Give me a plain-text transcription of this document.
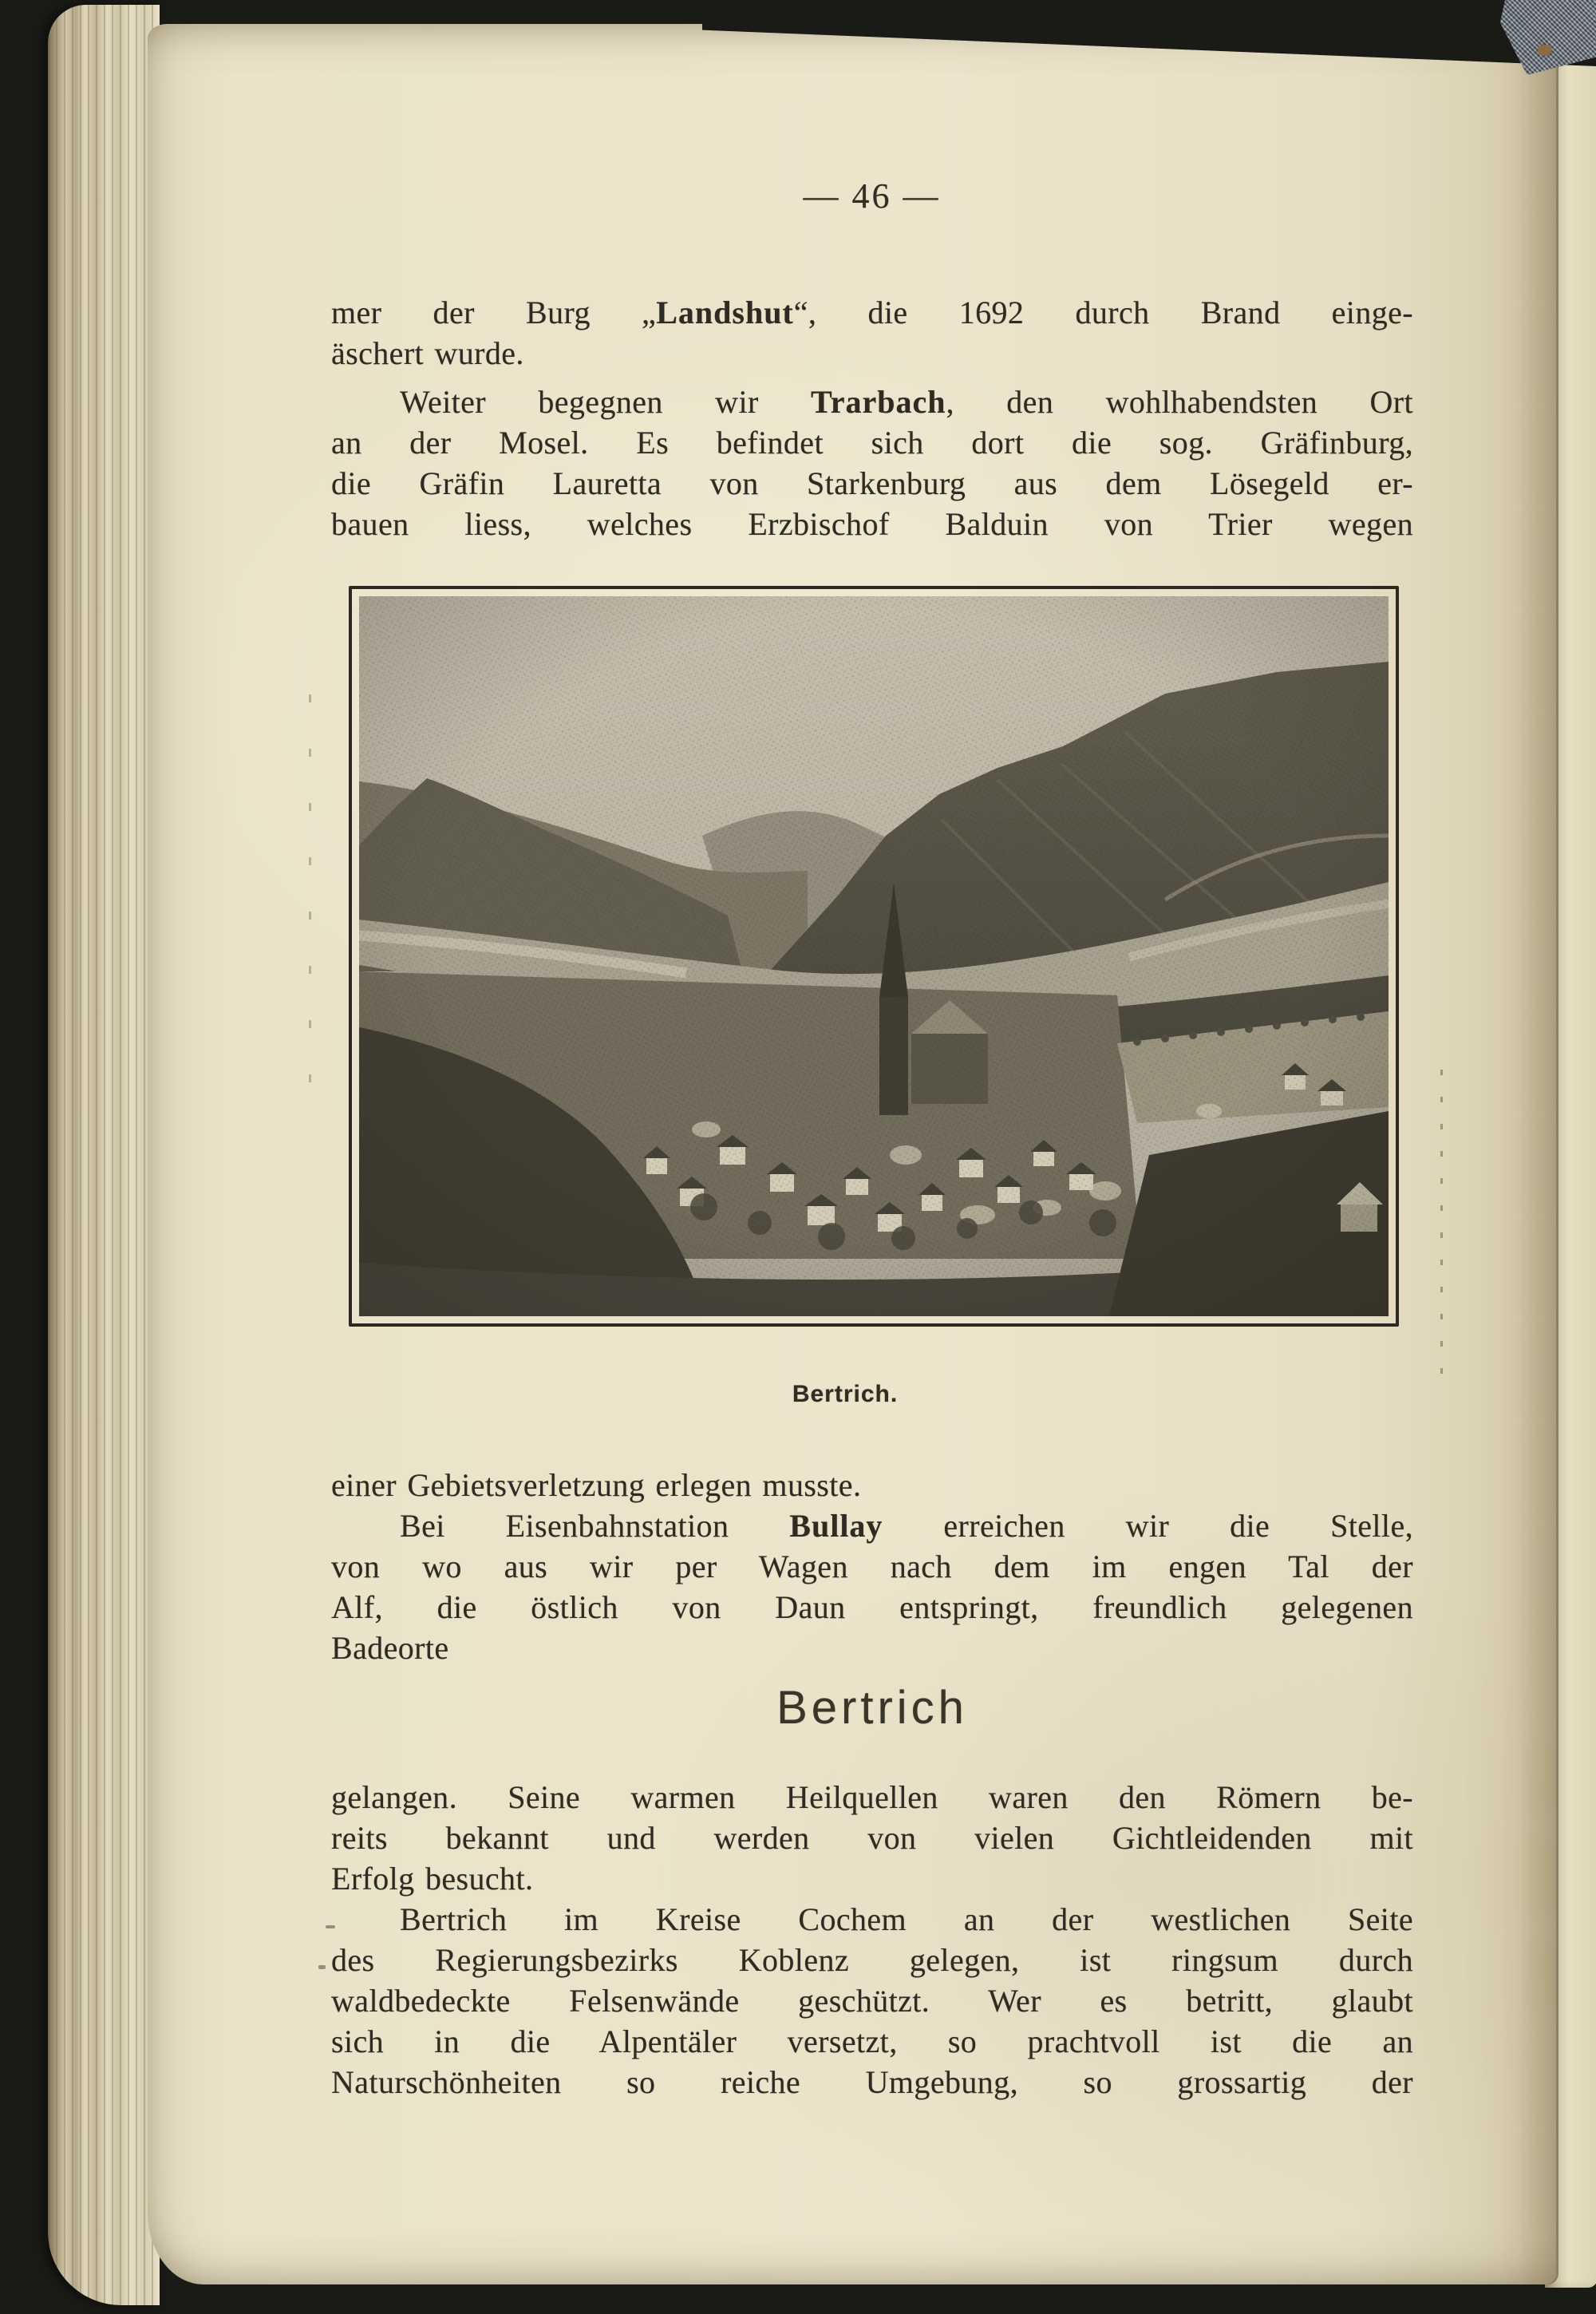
— 46 —
mer der Burg „Landshut“, die 1692 durch Brand einge-
äschert wurde.
Weiter begegnen wir Trarbach, den wohlhabendsten Ort
an der Mosel. Es befindet sich dort die sog. Gräfinburg,
die Gräfin Lauretta von Starkenburg aus dem Lösegeld er-
bauen liess, welches Erzbischof Balduin von Trier wegen
Bertrich.
einer Gebietsverletzung erlegen musste.
Bei Eisenbahnstation Bullay erreichen wir die Stelle,
von wo aus wir per Wagen nach dem im engen Tal der
Alf, die östlich von Daun entspringt, freundlich gelegenen
Badeorte
Bertrich
gelangen. Seine warmen Heilquellen waren den Römern be-
reits bekannt und werden von vielen Gichtleidenden mit
Erfolg besucht.
Bertrich im Kreise Cochem an der westlichen Seite
des Regierungsbezirks Koblenz gelegen, ist ringsum durch
waldbedeckte Felsenwände geschützt. Wer es betritt, glaubt
sich in die Alpentäler versetzt, so prachtvoll ist die an
Naturschönheiten so reiche Umgebung, so grossartig der
